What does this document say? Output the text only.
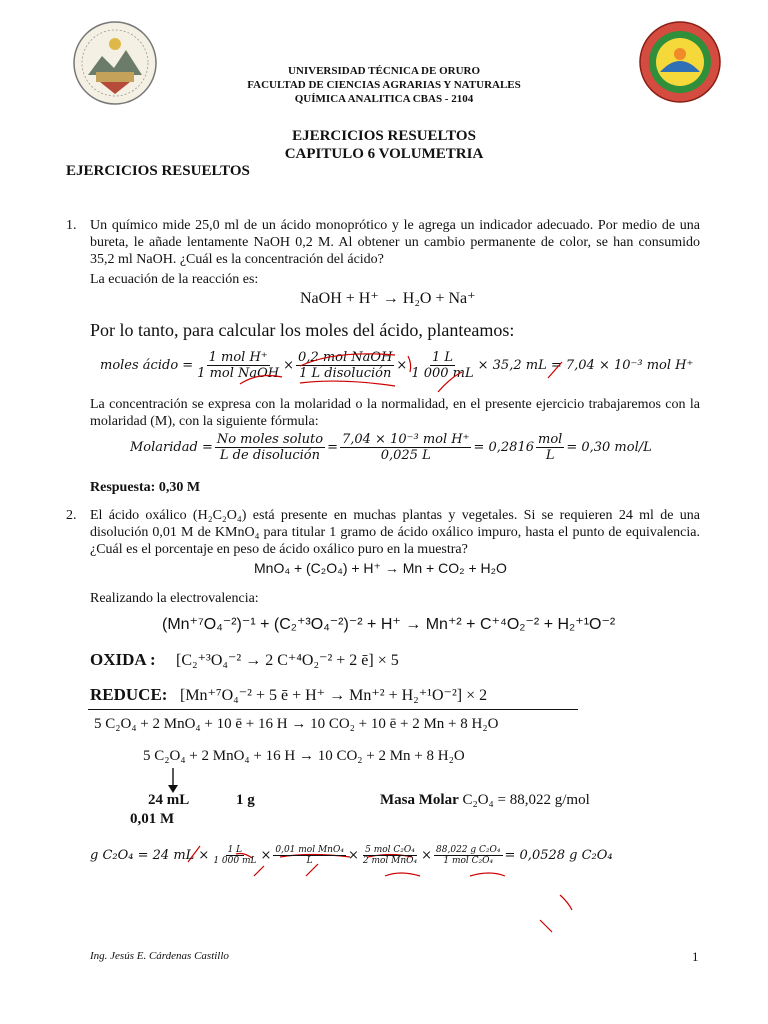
UNIVERSIDAD TÉCNICA DE ORURO
FACULTAD DE CIENCIAS AGRARIAS Y NATURALES
QUÍMICA ANALITICA CBAS - 2104
EJERCICIOS RESUELTOS
CAPITULO 6 VOLUMETRIA
EJERCICIOS RESUELTOS
1. Un químico mide 25,0 ml de un ácido monoprótico y le agrega un indicador adecuado. Por medio de una bureta, le añade lentamente NaOH 0,2 M. Al obtener un cambio permanente de color, se han consumido 35,2 ml NaOH. ¿Cuál es la concentración del ácido?
La ecuación de la reacción es:
NaOH + H⁺ → H₂O + Na⁺
Por lo tanto, para calcular los moles del ácido, planteamos:
moles ácido = $\frac{\text{1 mol H⁺}}{\text{1 mol NaOH}} \times \frac{\text{0,2 mol NaOH}}{\text{1 L disolución}} \times \frac{1 L}{1 000 mL} \times 35,2$ mL = 7,04 × 10⁻³ mol H⁺
La concentración se expresa con la molaridad o la normalidad, en el presente ejercicio trabajaremos con la molaridad (M), con la siguiente fórmula:
Molaridad = $\frac{\text{No moles soluto}}{\text{L de disolución}} = \frac{\text{7,04 × 10⁻³ mol H⁺}}{0,025 L} = 0,2816 \frac{\text{mol}}{L} = 0,30$ mol/L
Respuesta: 0,30 M
2. El ácido oxálico (H₂C₂O₄) está presente en muchas plantas y vegetales. Si se requieren 24 ml de una disolución 0,01 M de KMnO₄ para titular 1 gramo de ácido oxálico impuro, hasta el punto de equivalencia. ¿Cuál es el porcentaje en peso de ácido oxálico puro en la muestra?
MnO₄ + (C₂O₄) + H⁺ → Mn + CO₂ + H₂O
Realizando la electrovalencia:
(Mn⁺⁷O₄⁻²)⁻¹ + (C₂⁺³O₄⁻²)⁻² + H⁺ → Mn⁺² + C⁺⁴O₂⁻² + H₂⁺¹O⁻²
OXIDA : [C₂⁺³O₄⁻² → 2 C⁺⁴O₂⁻² + 2 ē] × 5
REDUCE: [Mn⁺⁷O₄⁻² + 5 ē + H⁺ → Mn⁺² + H₂⁺¹O⁻²] × 2
5 C₂O₄ + 2 MnO₄ + 10 ē + 16 H → 10 CO₂ + 10 ē + 2 Mn + 8 H₂O
5 C₂O₄ + 2 MnO₄ + 16 H → 10 CO₂ + 2 Mn + 8 H₂O
24 mL	1 g	Masa Molar C₂O₄ = 88,022 g/mol
0,01 M
g C₂O₄ = 24 mL × $\frac{1 L}{1 000 mL} \times \frac{\text{0,01 mol MnO₄}}{L} \times \frac{\text{5 mol C₂O₄}}{\text{2 mol MnO₄}} \times \frac{\text{88,022 g C₂O₄}}{\text{1 mol C₂O₄}} = 0,0528$ g C₂O₄
Ing. Jesús E. Cárdenas Castillo	1
